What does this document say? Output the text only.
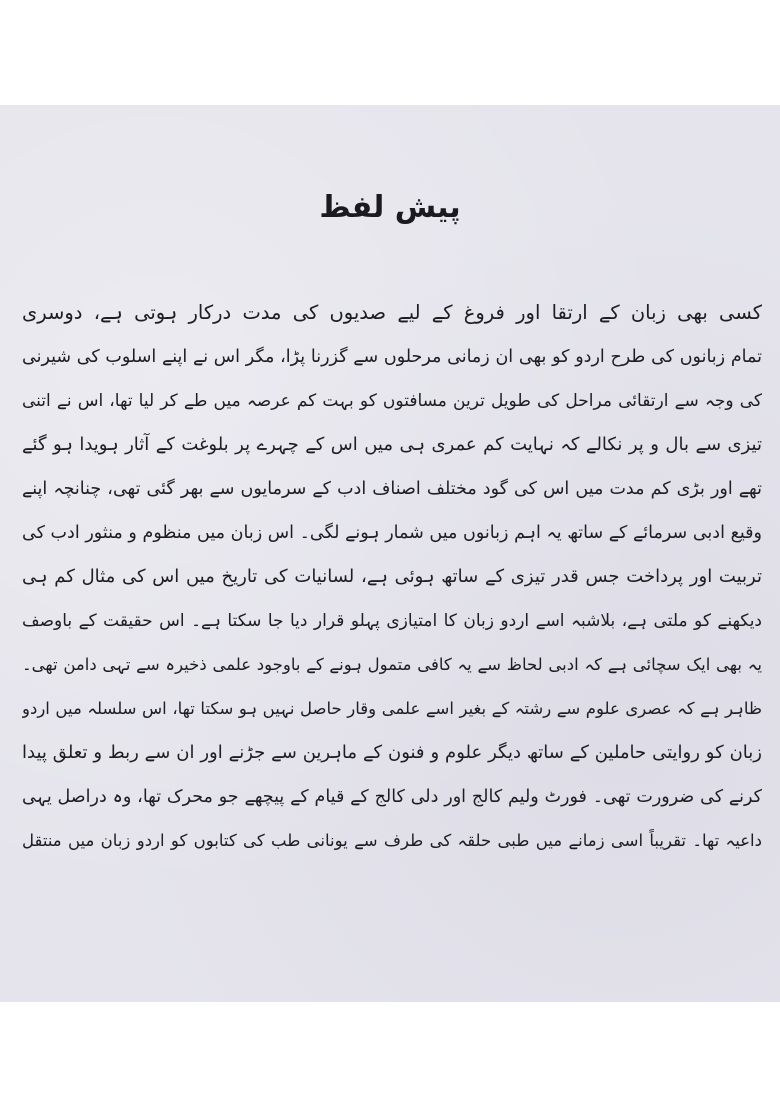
پیش لفظ
کسی بھی زبان کے ارتقا اور فروغ کے لیے صدیوں کی مدت درکار ہوتی ہے، دوسری
تمام زبانوں کی طرح اردو کو بھی ان زمانی مرحلوں سے گزرنا پڑا، مگر اس نے اپنے اسلوب کی شیرنی
کی وجہ سے ارتقائی مراحل کی طویل ترین مسافتوں کو بہت کم عرصہ میں طے کر لیا تھا، اس نے اتنی
تیزی سے بال و پر نکالے کہ نہایت کم عمری ہی میں اس کے چہرے پر بلوغت کے آثار ہویدا ہو گئے
تھے اور بڑی کم مدت میں اس کی گود مختلف اصناف ادب کے سرمایوں سے بھر گئی تھی، چنانچہ اپنے
وقیع ادبی سرمائے کے ساتھ یہ اہم زبانوں میں شمار ہونے لگی۔ اس زبان میں منظوم و منثور ادب کی
تربیت اور پرداخت جس قدر تیزی کے ساتھ ہوئی ہے، لسانیات کی تاریخ میں اس کی مثال کم ہی
دیکھنے کو ملتی ہے، بلاشبہ اسے اردو زبان کا امتیازی پہلو قرار دیا جا سکتا ہے۔ اس حقیقت کے باوصف
یہ بھی ایک سچائی ہے کہ ادبی لحاظ سے یہ کافی متمول ہونے کے باوجود علمی ذخیرہ سے تہی دامن تھی۔
ظاہر ہے کہ عصری علوم سے رشتہ کے بغیر اسے علمی وقار حاصل نہیں ہو سکتا تھا، اس سلسلہ میں اردو
زبان کو روایتی حاملین کے ساتھ دیگر علوم و فنون کے ماہرین سے جڑنے اور ان سے ربط و تعلق پیدا
کرنے کی ضرورت تھی۔ فورٹ ولیم کالج اور دلی کالج کے قیام کے پیچھے جو محرک تھا، وہ دراصل یہی
داعیہ تھا۔ تقریباً اسی زمانے میں طبی حلقہ کی طرف سے یونانی طب کی کتابوں کو اردو زبان میں منتقل
